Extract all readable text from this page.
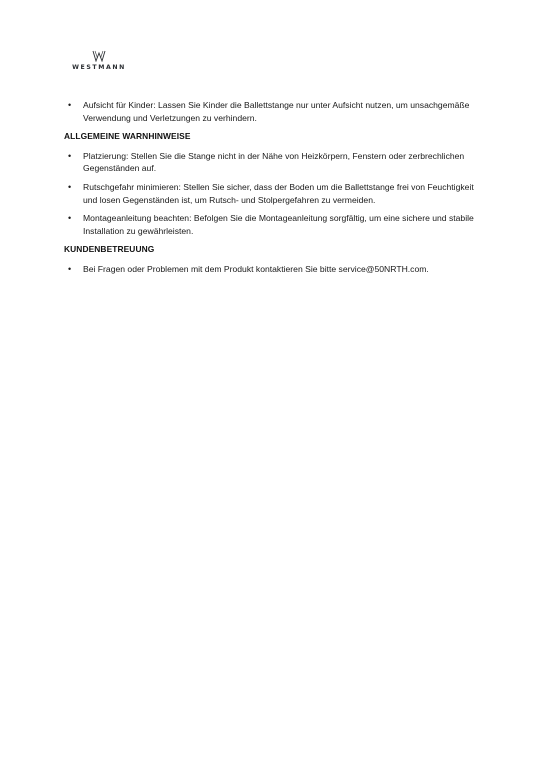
WESTMANN
• Aufsicht für Kinder: Lassen Sie Kinder die Ballettstange nur unter Aufsicht nutzen, um unsachgemäße Verwendung und Verletzungen zu verhindern.
ALLGEMEINE WARNHINWEISE
• Platzierung: Stellen Sie die Stange nicht in der Nähe von Heizkörpern, Fenstern oder zerbrechlichen Gegenständen auf.
• Rutschgefahr minimieren: Stellen Sie sicher, dass der Boden um die Ballettstange frei von Feuchtigkeit und losen Gegenständen ist, um Rutsch- und Stolpergefahren zu vermeiden.
• Montageanleitung beachten: Befolgen Sie die Montageanleitung sorgfältig, um eine sichere und stabile Installation zu gewährleisten.
KUNDENBETREUUNG
• Bei Fragen oder Problemen mit dem Produkt kontaktieren Sie bitte service@50NRTH.com.
